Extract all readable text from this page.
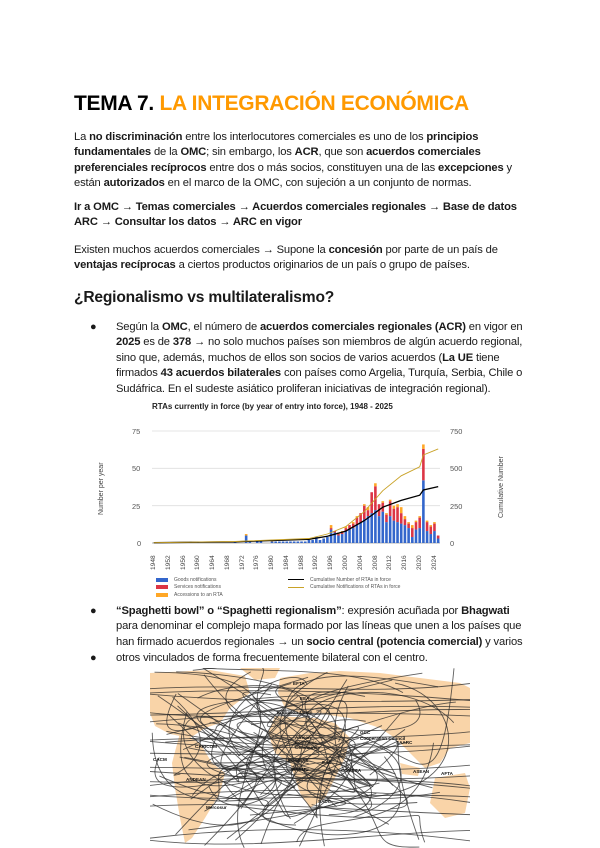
TEMA 7. LA INTEGRACIÓN ECONÓMICA

La no discriminación entre los interlocutores comerciales es uno de los principios fundamentales de la OMC; sin embargo, los ACR, que son acuerdos comerciales preferenciales recíprocos entre dos o más socios, constituyen una de las excepciones y están autorizados en el marco de la OMC, con sujeción a un conjunto de normas.

Ir a OMC → Temas comerciales → Acuerdos comerciales regionales → Base de datos ARC → Consultar los datos → ARC en vigor

Existen muchos acuerdos comerciales → Supone la concesión por parte de un país de ventajas recíprocas a ciertos productos originarios de un país o grupo de países.

¿Regionalismo vs multilateralismo?
● Según la OMC, el número de acuerdos comerciales regionales (ACR) en vigor en 2025 es de 378 → no solo muchos países son miembros de algún acuerdo regional, sino que, además, muchos de ellos son socios de varios acuerdos (La UE tiene firmados 43 acuerdos bilaterales con países como Argelia, Turquía, Serbia, Chile o Sudáfrica. En el sudeste asiático proliferan iniciativas de integración regional).
RTAs currently in force (by year of entry into force), 1948 - 2025
75
50
25
0
750
500
250
0
Number per year	Cumulative Number
1948 1952 1956 1960 1964 1968 1972 1976 1980 1984 1988 1992 1996 2000 2004 2008 2012 2016 2020 2024
Goods notifications
Services notifications
Accessions to an RTA
Cumulative Number of RTAs in force
Cumulative Notifications of RTAs in force
● “Spaghetti bowl” o “Spaghetti regionalism”: expresión acuñada por Bhagwati para denominar el complejo mapa formado por las líneas que unen a los países que han firmado acuerdos regionales → un socio central (potencia comercial) y varios
● otros vinculados de forma frecuentemente bilateral con el centro.
EFTA
EEA
European Union
African Economic Community
ECOWAS
WAEMU
EAC
COMESA
SADC
GCC
Cooperation Council
SAARC
ASEAN	AFTA
CARICOM
CACM
ANDEAN
Mercosur
